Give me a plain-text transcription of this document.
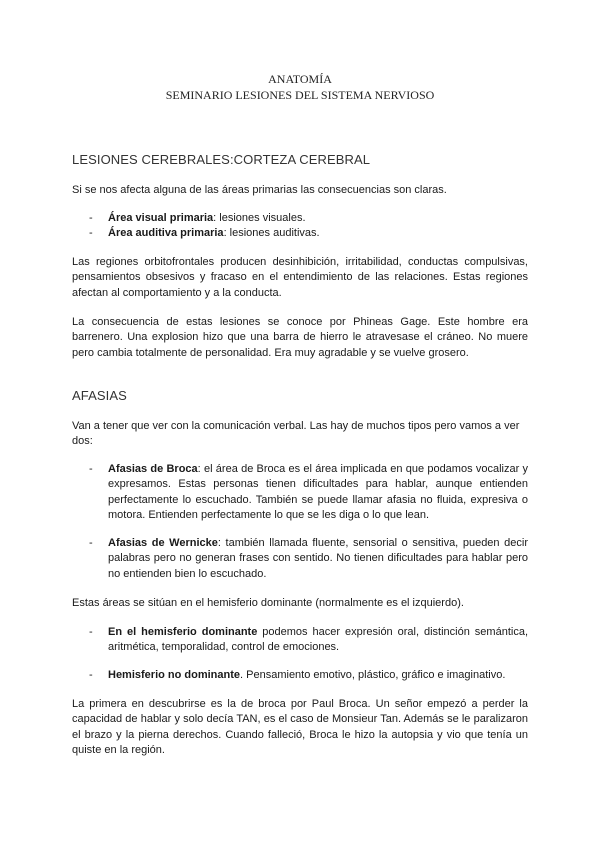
ANATOMÍA
SEMINARIO LESIONES DEL SISTEMA NERVIOSO
LESIONES CEREBRALES:CORTEZA CEREBRAL

Si se nos afecta alguna de las áreas primarias las consecuencias son claras.

- Área visual primaria: lesiones visuales.
- Área auditiva primaria: lesiones auditivas.

Las regiones orbitofrontales producen desinhibición, irritabilidad, conductas compulsivas, pensamientos obsesivos y fracaso en el entendimiento de las relaciones. Estas regiones afectan al comportamiento y a la conducta.

La consecuencia de estas lesiones se conoce por Phineas Gage. Este hombre era barrenero. Una explosion hizo que una barra de hierro le atravesase el cráneo. No muere pero cambia totalmente de personalidad. Era muy agradable y se vuelve grosero.

AFASIAS

Van a tener que ver con la comunicación verbal. Las hay de muchos tipos pero vamos a ver dos:

- Afasias de Broca: el área de Broca es el área implicada en que podamos vocalizar y expresamos. Estas personas tienen dificultades para hablar, aunque entienden perfectamente lo escuchado. También se puede llamar afasia no fluida, expresiva o motora. Entienden perfectamente lo que se les diga o lo que lean.
- Afasias de Wernicke: también llamada fluente, sensorial o sensitiva, pueden decir palabras pero no generan frases con sentido. No tienen dificultades para hablar pero no entienden bien lo escuchado.

Estas áreas se sitúan en el hemisferio dominante (normalmente es el izquierdo).

- En el hemisferio dominante podemos hacer expresión oral, distinción semántica, aritmética, temporalidad, control de emociones.
- Hemisferio no dominante. Pensamiento emotivo, plástico, gráfico e imaginativo.

La primera en descubrirse es la de broca por Paul Broca. Un señor empezó a perder la capacidad de hablar y solo decía TAN, es el caso de Monsieur Tan. Además se le paralizaron el brazo y la pierna derechos. Cuando falleció, Broca le hizo la autopsia y vio que tenía un quiste en la región.
